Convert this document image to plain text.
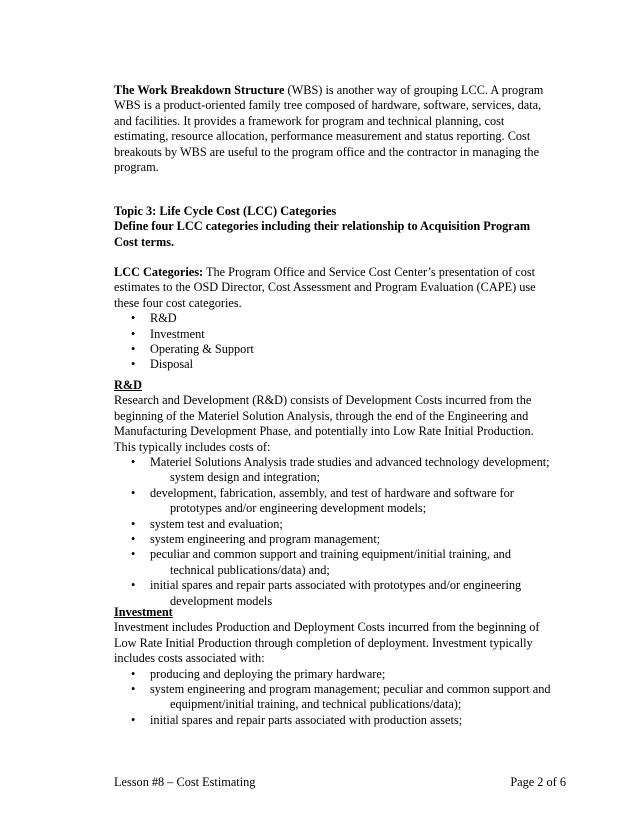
The Work Breakdown Structure (WBS) is another way of grouping LCC. A program

WBS is a product-oriented family tree composed of hardware, software, services, data,

and facilities. It provides a framework for program and technical planning, cost

estimating, resource allocation, performance measurement and status reporting. Cost

breakouts by WBS are useful to the program office and the contractor in managing the

program.

Topic 3: Life Cycle Cost (LCC) Categories

Define four LCC categories including their relationship to Acquisition Program

Cost terms.

LCC Categories: The Program Office and Service Cost Center’s presentation of cost

estimates to the OSD Director, Cost Assessment and Program Evaluation (CAPE) use

these four cost categories.

• R&D
• Investment
• Operating & Support
• Disposal

R&D

Research and Development (R&D) consists of Development Costs incurred from the

beginning of the Materiel Solution Analysis, through the end of the Engineering and

Manufacturing Development Phase, and potentially into Low Rate Initial Production.

This typically includes costs of:

• Materiel Solutions Analysis trade studies and advanced technology development;
system design and integration;
• development, fabrication, assembly, and test of hardware and software for
prototypes and/or engineering development models;
• system test and evaluation;
• system engineering and program management;
• peculiar and common support and training equipment/initial training, and
technical publications/data) and;
• initial spares and repair parts associated with prototypes and/or engineering
development models

Investment

Investment includes Production and Deployment Costs incurred from the beginning of

Low Rate Initial Production through completion of deployment. Investment typically

includes costs associated with:

• producing and deploying the primary hardware;
• system engineering and program management; peculiar and common support and
equipment/initial training, and technical publications/data);
• initial spares and repair parts associated with production assets;
Lesson #8 – Cost Estimating	Page 2 of 6
